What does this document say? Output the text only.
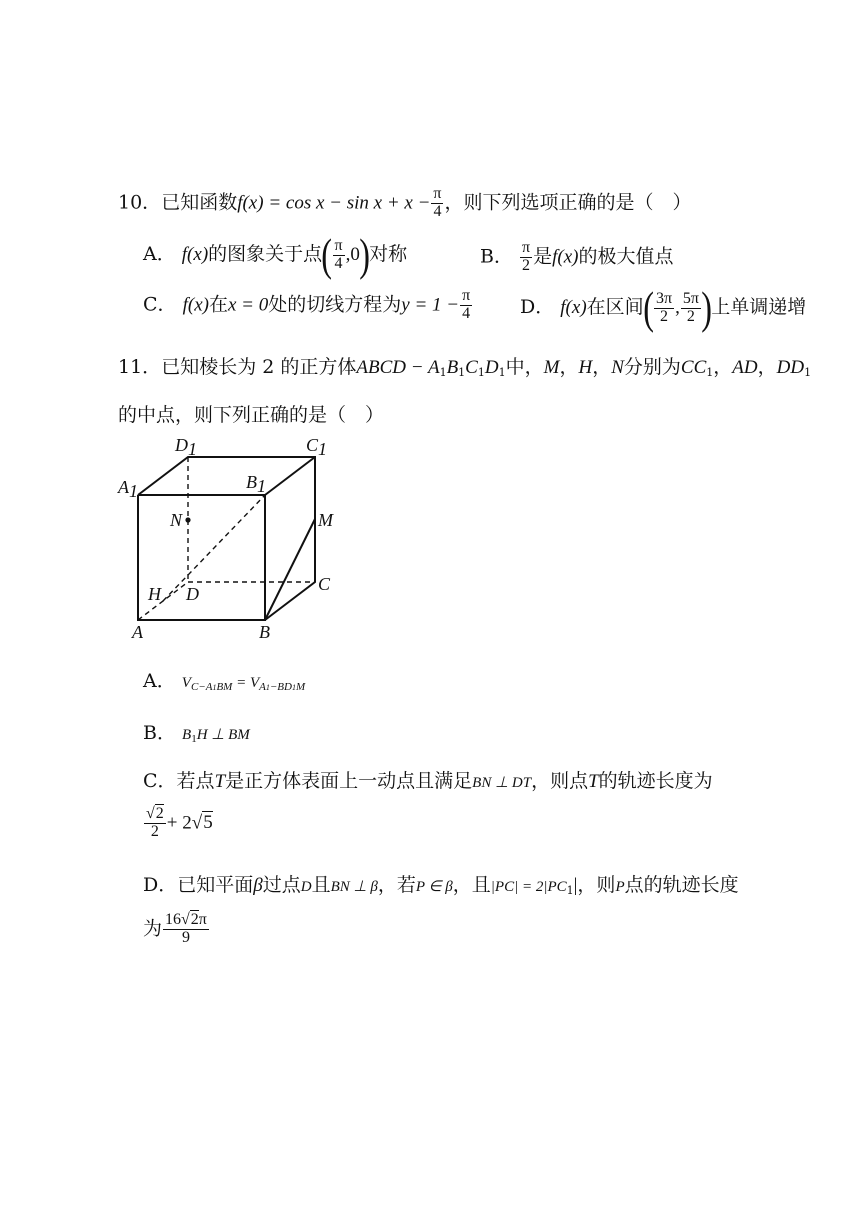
10．已知函数$f(x) = \cos x - \sin x + x - \frac{\pi}{4}$ ，则下列选项正确的是（　）
A． f(x)的图象关于点( $\frac{\pi}{4} ,0$)对称	B． $\frac{\pi}{2}$ 是f(x)的极大值点
C． f(x)在x = 0处的切线方程为$y = 1 - \frac{\pi}{4}$	D． f(x)在区间( $\frac{3\pi}{2}$ , $\frac{5\pi}{2}$ )上单调递增
11．已知棱长为 2 的正方体ABCD − $A_1B_1C_1D_1$中，M，H，N分别为$CC_1$，AD，$DD_1$
的中点，则下列正确的是（　）
D1	C1
A1	B1
N	M
H D	C
A	B
A． $V_{C-A1BM} = V_{A1-BD1M}$
B． $B_1H$ ⊥ BM
C．若点T是正方体表面上一动点且满足BN ⊥ DT，则点T的轨迹长度为
$\frac{√2}{2} + 2√5$
D．已知平面β过点D且BN ⊥ β，若P ∈ β，且$|PC| = 2|PC_1|$，则P点的轨迹长度
为 $\frac{16√2\pi}{9}$
